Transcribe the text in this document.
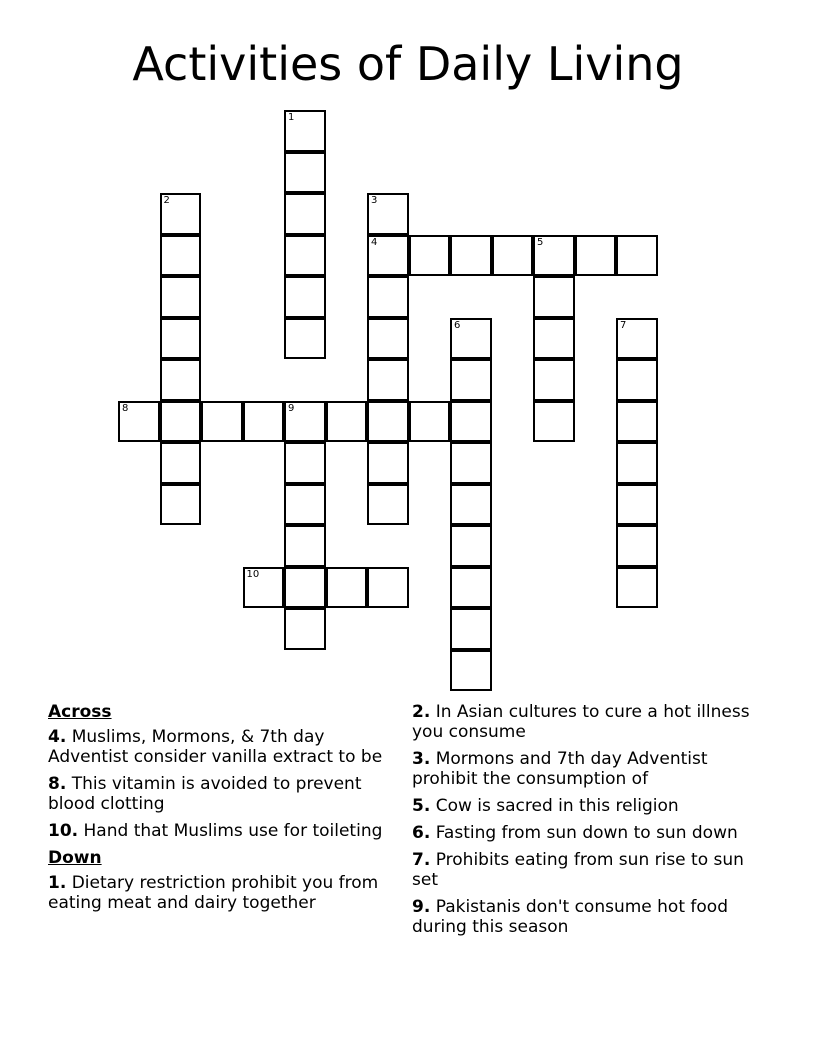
Activities of Daily Living
1
2	3
4	5
6	7
8	9
10
Across
4. Muslims, Mormons, & 7th day Adventist consider vanilla extract to be
8. This vitamin is avoided to prevent blood clotting
10. Hand that Muslims use for toileting
Down
1. Dietary restriction prohibit you from eating meat and dairy together
2. In Asian cultures to cure a hot illness you consume
3. Mormons and 7th day Adventist prohibit the consumption of
5. Cow is sacred in this religion
6. Fasting from sun down to sun down
7. Prohibits eating from sun rise to sun set
9. Pakistanis don't consume hot food during this season
